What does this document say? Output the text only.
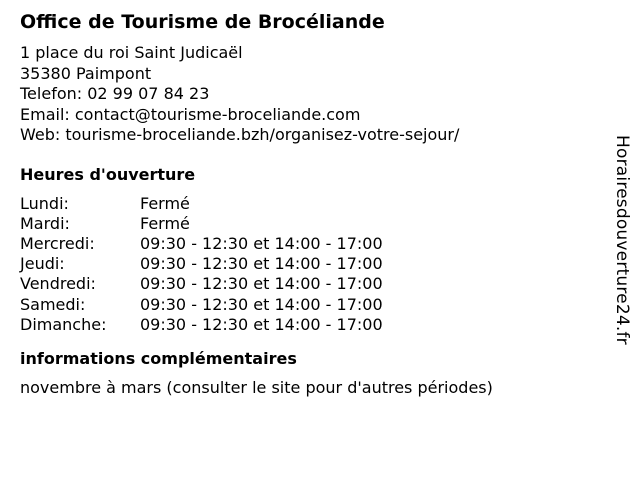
Office de Tourisme de Brocéliande
1 place du roi Saint Judicaël
35380 Paimpont
Telefon: 02 99 07 84 23
Email: contact@tourisme-broceliande.com
Web: tourisme-broceliande.bzh/organisez-votre-sejour/
Heures d'ouverture
Lundi:	Fermé
Mardi:	Fermé
Mercredi:	09:30 - 12:30 et 14:00 - 17:00
Jeudi:	09:30 - 12:30 et 14:00 - 17:00
Vendredi:	09:30 - 12:30 et 14:00 - 17:00
Samedi:	09:30 - 12:30 et 14:00 - 17:00
Dimanche:	09:30 - 12:30 et 14:00 - 17:00
informations complémentaires
novembre à mars (consulter le site pour d'autres périodes)
Horairesdouverture24.fr
